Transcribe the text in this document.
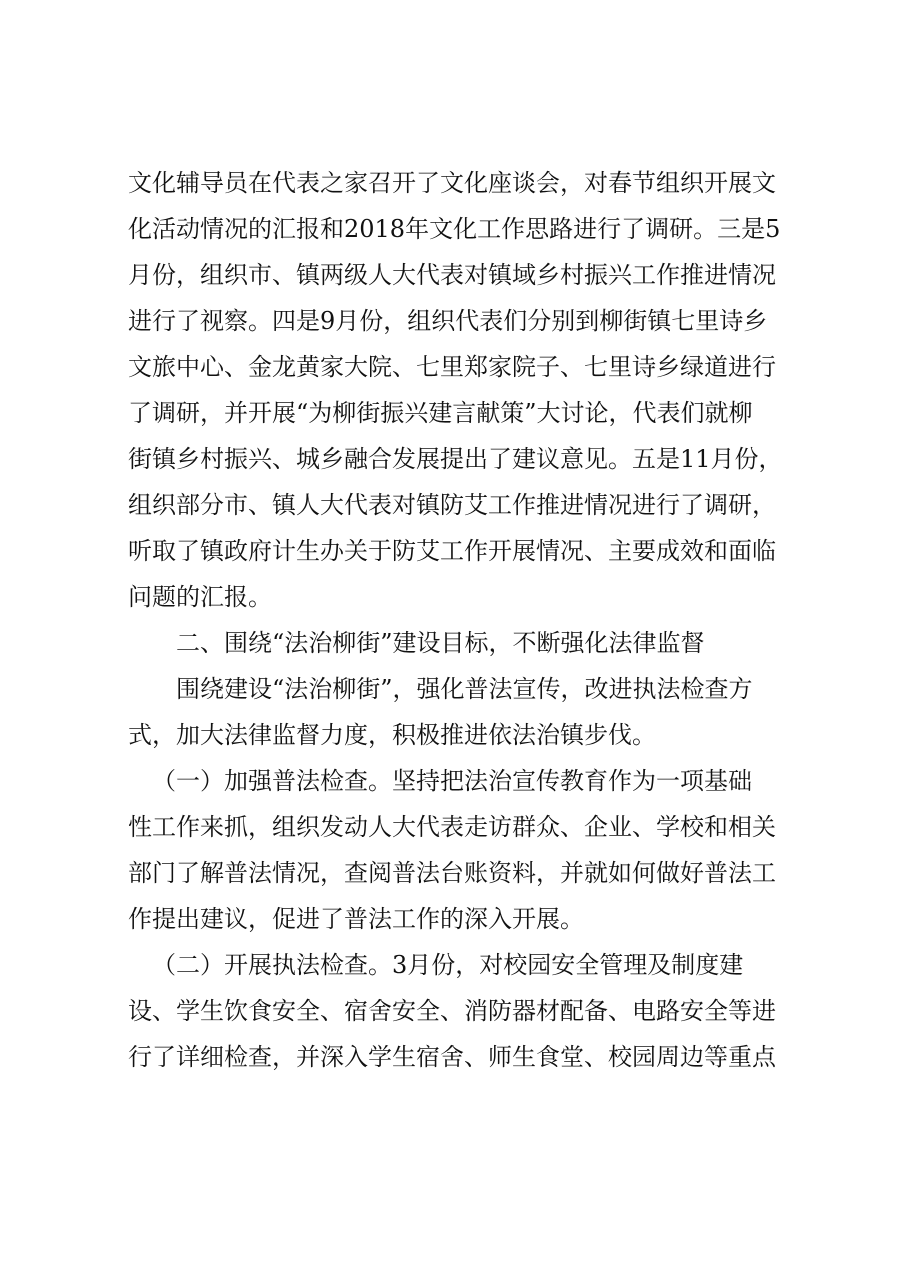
文化辅导员在代表之家召开了文化座谈会，对春节组织开展文
化活动情况的汇报和2018年文化工作思路进行了调研。三是5
月份，组织市、镇两级人大代表对镇域乡村振兴工作推进情况
进行了视察。四是9月份，组织代表们分别到柳街镇七里诗乡
文旅中心、金龙黄家大院、七里郑家院子、七里诗乡绿道进行
了调研，并开展“为柳街振兴建言献策”大讨论，代表们就柳
街镇乡村振兴、城乡融合发展提出了建议意见。五是11月份，
组织部分市、镇人大代表对镇防艾工作推进情况进行了调研，
听取了镇政府计生办关于防艾工作开展情况、主要成效和面临
问题的汇报。
二、围绕“法治柳街”建设目标，不断强化法律监督
围绕建设“法治柳街”，强化普法宣传，改进执法检查方
式，加大法律监督力度，积极推进依法治镇步伐。
（一）加强普法检查。坚持把法治宣传教育作为一项基础
性工作来抓，组织发动人大代表走访群众、企业、学校和相关
部门了解普法情况，查阅普法台账资料，并就如何做好普法工
作提出建议，促进了普法工作的深入开展。
（二）开展执法检查。3月份，对校园安全管理及制度建
设、学生饮食安全、宿舍安全、消防器材配备、电路安全等进
行了详细检查，并深入学生宿舍、师生食堂、校园周边等重点
